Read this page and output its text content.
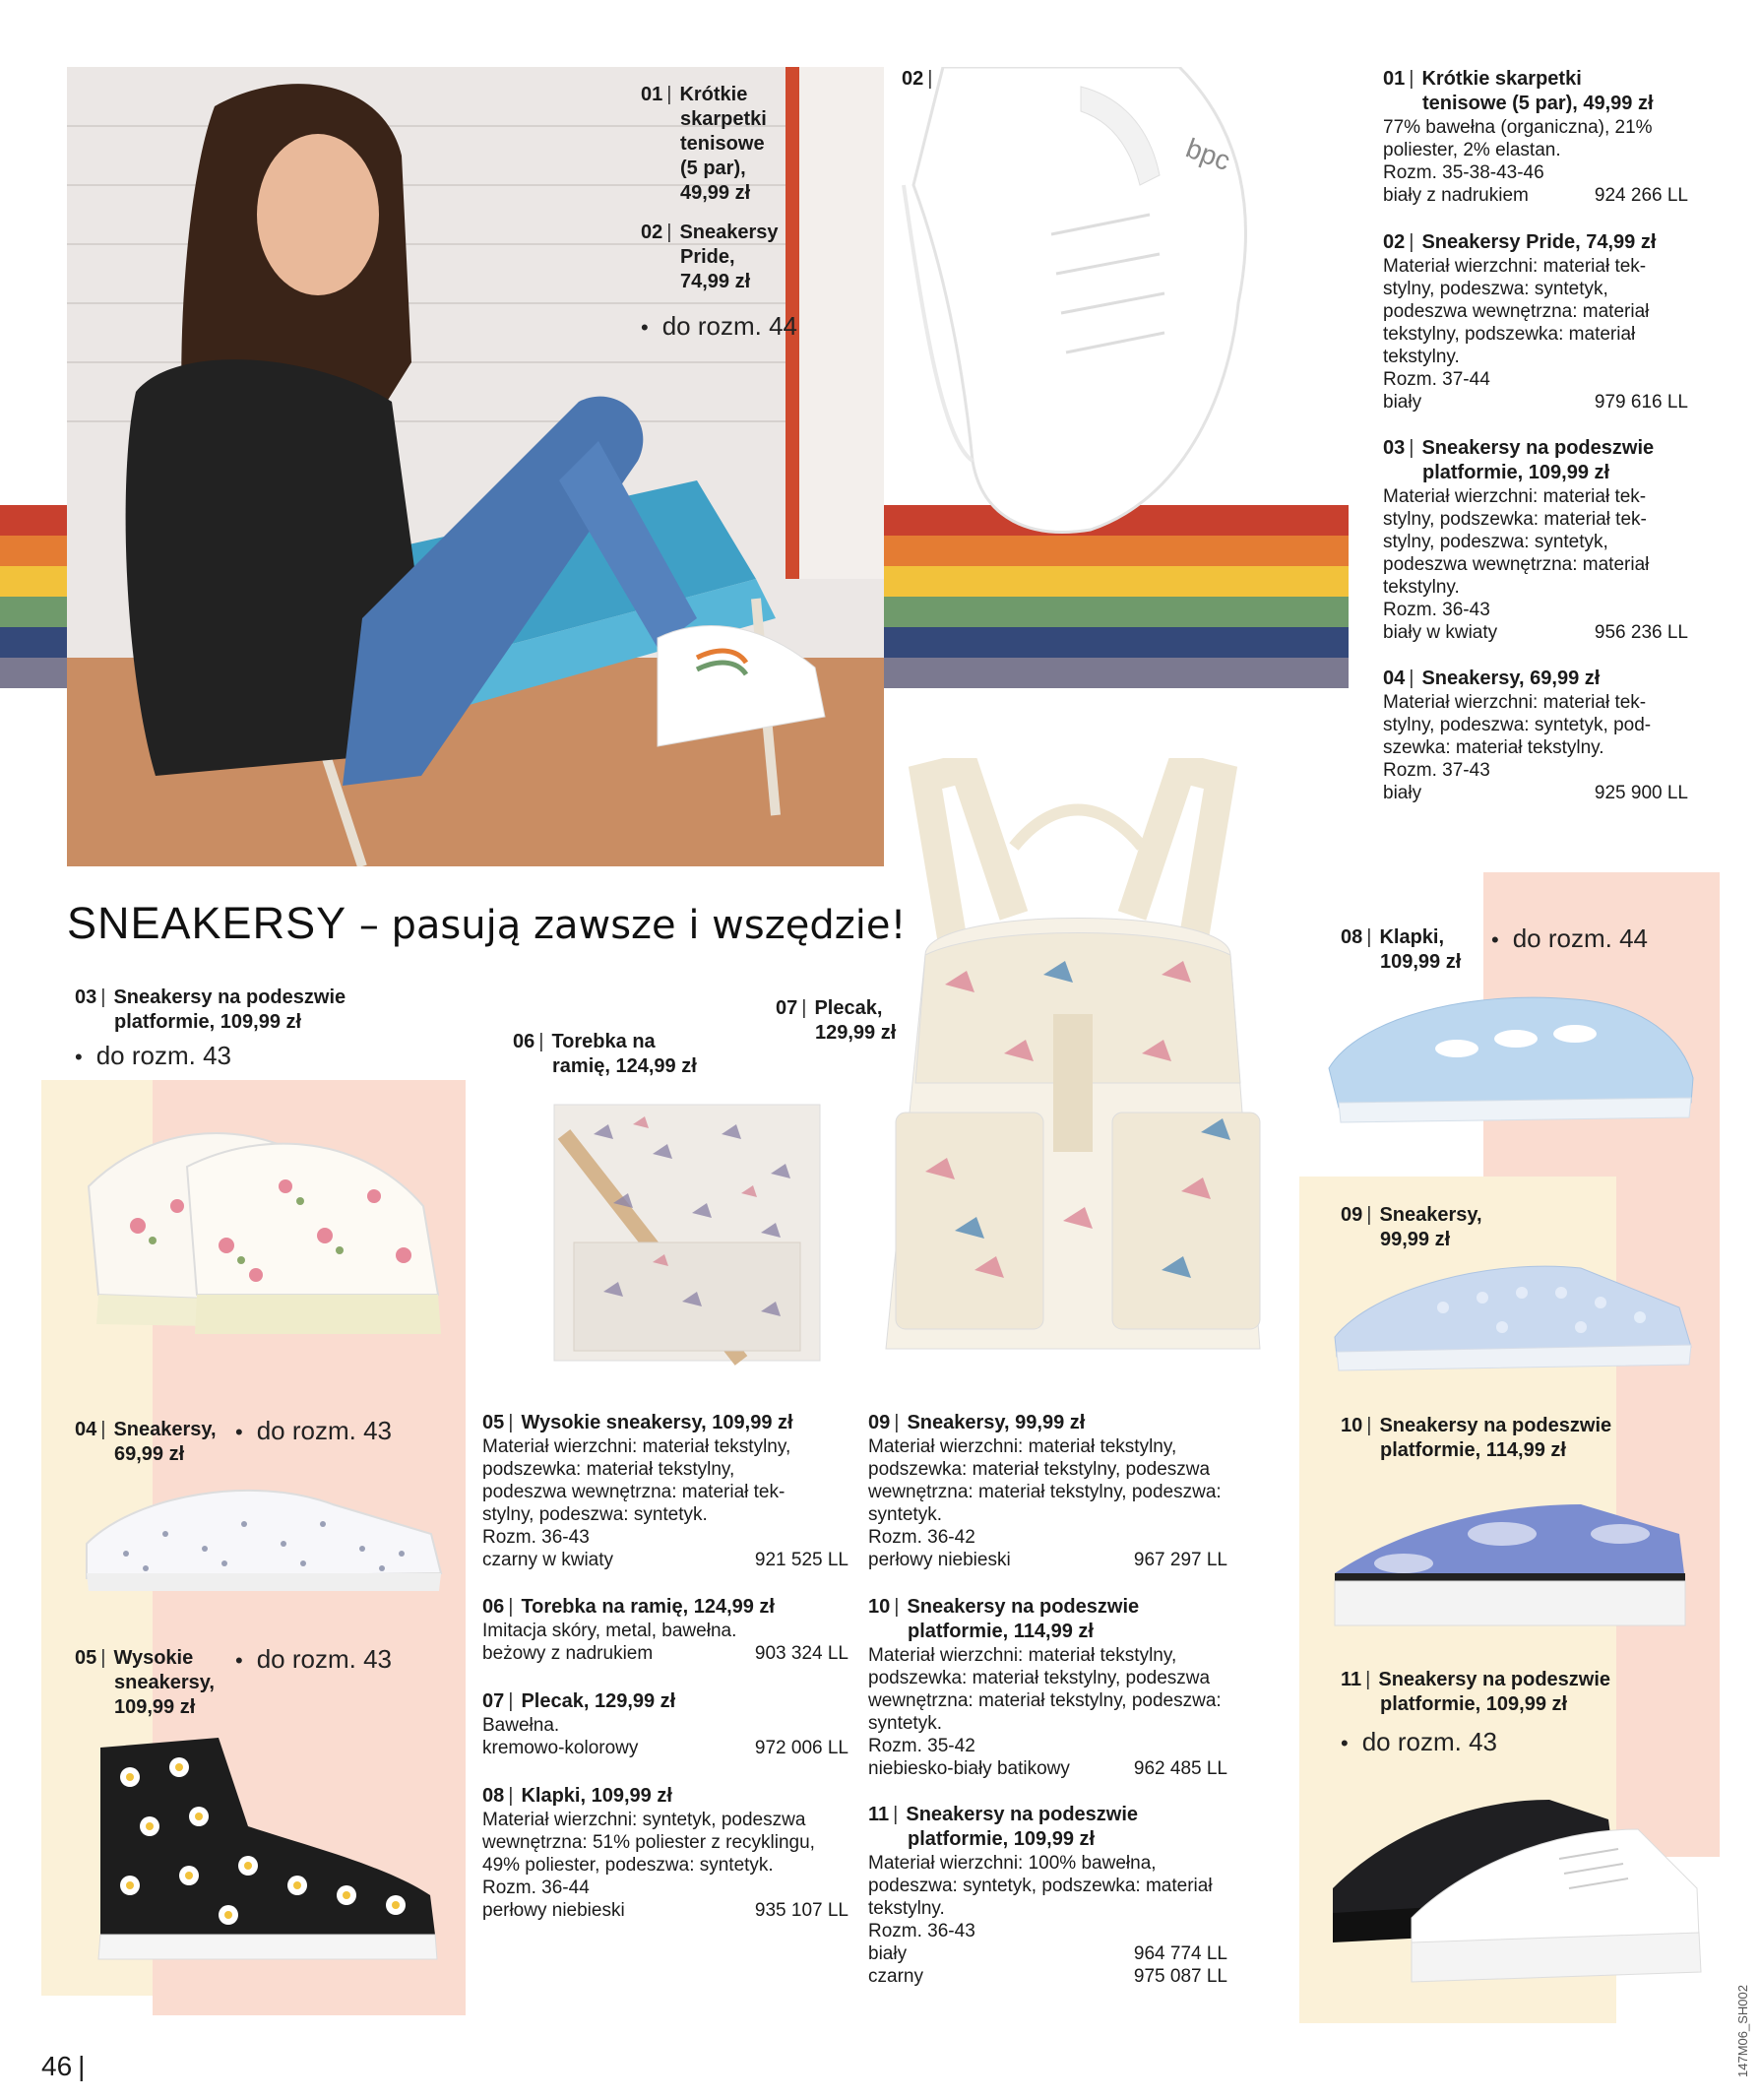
01 | Krótkie
skarpetki
tenisowe
(5 par),
49,99 zł
02 | Sneakersy
Pride,
74,99 zł
• do rozm. 44
bpc
02 |	01 | Krótkie skarpetki
tenisowe (5 par), 49,99 zł
77% bawełna (organiczna), 21%
poliester, 2% elastan.
Rozm. 35-38-43-46
biały z nadrukiem	924 266 LL
02 | Sneakersy Pride, 74,99 zł
Materiał wierzchni: materiał tek-
stylny, podeszwa: syntetyk,
podeszwa wewnętrzna: materiał
tekstylny, podszewka: materiał
tekstylny.
Rozm. 37-44
biały	979 616 LL
03 | Sneakersy na podeszwie
platformie, 109,99 zł
Materiał wierzchni: materiał tek-
stylny, podszewka: materiał tek-
stylny, podeszwa: syntetyk,
podeszwa wewnętrzna: materiał
tekstylny.
Rozm. 36-43
biały w kwiaty	956 236 LL
04 | Sneakersy, 69,99 zł
Materiał wierzchni: materiał tek-
stylny, podeszwa: syntetyk, pod-
szewka: materiał tekstylny.
Rozm. 37-43
biały	925 900 LL
SNEAKERSY – pasują zawsze i wszędzie!
03 | Sneakersy na podeszwie
platformie, 109,99 zł
• do rozm. 43
04 | Sneakersy,
69,99 zł
• do rozm. 43
05 | Wysokie
sneakersy,
109,99 zł
• do rozm. 43
06 | Torebka na
ramię, 124,99 zł
07 | Plecak,
129,99 zł
08 | Klapki,
109,99 zł
• do rozm. 44
09 | Sneakersy,
99,99 zł
10 | Sneakersy na podeszwie
platformie, 114,99 zł
11 | Sneakersy na podeszwie
platformie, 109,99 zł
• do rozm. 43
05 | Wysokie sneakersy, 109,99 zł
Materiał wierzchni: materiał tekstylny,
podszewka: materiał tekstylny,
podeszwa wewnętrzna: materiał tek-
stylny, podeszwa: syntetyk.
Rozm. 36-43
czarny w kwiaty	921 525 LL
06 | Torebka na ramię, 124,99 zł
Imitacja skóry, metal, bawełna.
beżowy z nadrukiem	903 324 LL
07 | Plecak, 129,99 zł
Bawełna.
kremowo-kolorowy	972 006 LL
08 | Klapki, 109,99 zł
Materiał wierzchni: syntetyk, podeszwa
wewnętrzna: 51% poliester z recyklingu,
49% poliester, podeszwa: syntetyk.
Rozm. 36-44
perłowy niebieski	935 107 LL
09 | Sneakersy, 99,99 zł
Materiał wierzchni: materiał tekstylny,
podszewka: materiał tekstylny, podeszwa
wewnętrzna: materiał tekstylny, podeszwa:
syntetyk.
Rozm. 36-42
perłowy niebieski	967 297 LL
10 | Sneakersy na podeszwie
platformie, 114,99 zł
Materiał wierzchni: materiał tekstylny,
podszewka: materiał tekstylny, podeszwa
wewnętrzna: materiał tekstylny, podeszwa:
syntetyk.
Rozm. 35-42
niebiesko-biały batikowy	962 485 LL
11 | Sneakersy na podeszwie
platformie, 109,99 zł
Materiał wierzchni: 100% bawełna,
podeszwa: syntetyk, podszewka: materiał
tekstylny.
Rozm. 36-43
biały	964 774 LL
czarny	975 087 LL
46 |	147M06_SH002
